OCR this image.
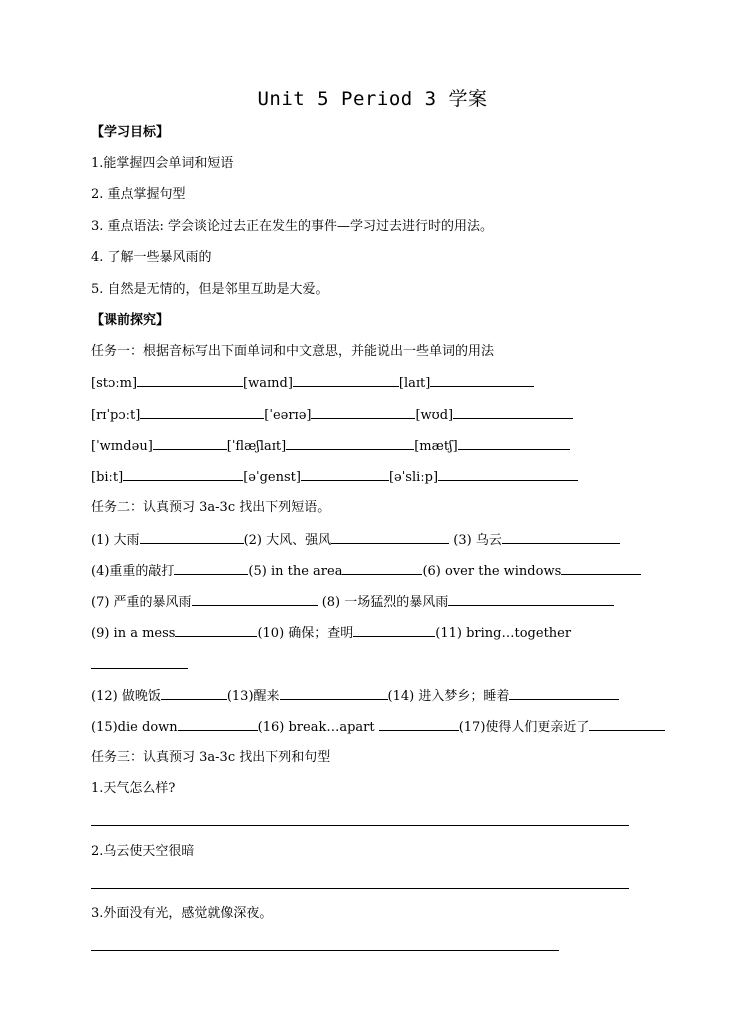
Unit 5 Period 3 学案
【学习目标】
1.能掌握四会单词和短语
2. 重点掌握句型
3. 重点语法: 学会谈论过去正在发生的事件—学习过去进行时的用法。
4. 了解一些暴风雨的
5. 自然是无情的，但是邻里互助是大爱。
【课前探究】
任务一：根据音标写出下面单词和中文意思，并能说出一些单词的用法
[stɔːm]	[waɪnd]	[laɪt]
[rɪˈpɔːt]	[ˈeərɪə]	[wʊd]
[ˈwɪndəu]	[ˈflæʃlaɪt]	[mætʃ]
[biːt]	[əˈgenst]	[əˈsliːp]
任务二：认真预习 3a-3c 找出下列短语。
(1) 大雨	(2) 大风、强风	(3) 乌云
(4)重重的敲打	(5) in the area	(6) over the windows
(7) 严重的暴风雨	(8) 一场猛烈的暴风雨
(9) in a mess	(10) 确保；查明	(11) bring…together
(12) 做晚饭	(13)醒来	(14) 进入梦乡；睡着
(15)die down	(16) break…apart	(17)使得人们更亲近了
任务三：认真预习 3a-3c 找出下列和句型
1.天气怎么样?
2.乌云使天空很暗
3.外面没有光，感觉就像深夜。
